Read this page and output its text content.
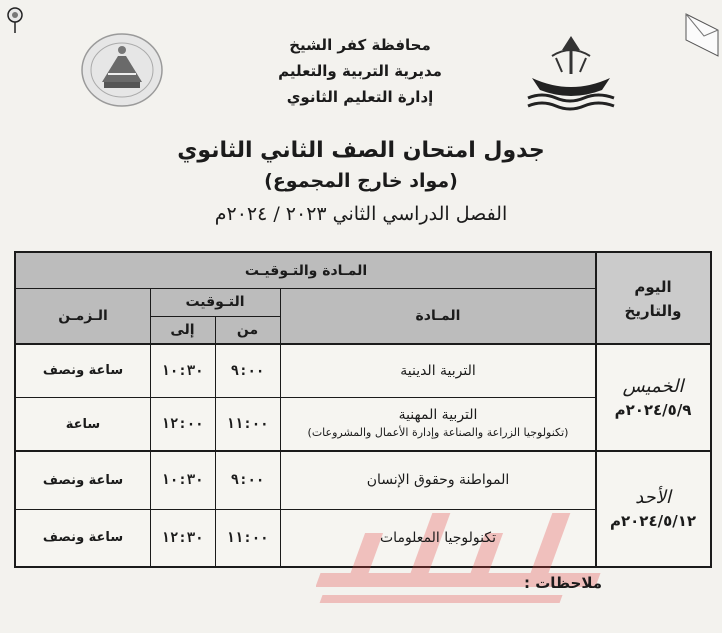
محافظة كفر الشيخ
مديرية التربية والتعليم
إدارة التعليم الثانوي
جدول امتحان الصف الثاني الثانوي
(مواد خارج المجموع)
الفصل الدراسي الثاني ٢٠٢٣ / ٢٠٢٤م
المـادة والتـوقيـت
المـادة
التـوقيت
من
إلى
الـزمـن
اليوم والتاريخ
الخميس
٢٠٢٤/٥/٩م
الأحد
٢٠٢٤/٥/١٢م
التربية الدينية
٩:٠٠
١٠:٣٠
ساعة ونصف
التربية المهنية
(تكنولوجيا الزراعة والصناعة وإدارة الأعمال والمشروعات)
١١:٠٠
١٢:٠٠
ساعة
المواطنة وحقوق الإنسان
٩:٠٠
١٠:٣٠
ساعة ونصف
تكنولوجيا المعلومات
١١:٠٠
١٢:٣٠
ساعة ونصف
ملاحظات :
